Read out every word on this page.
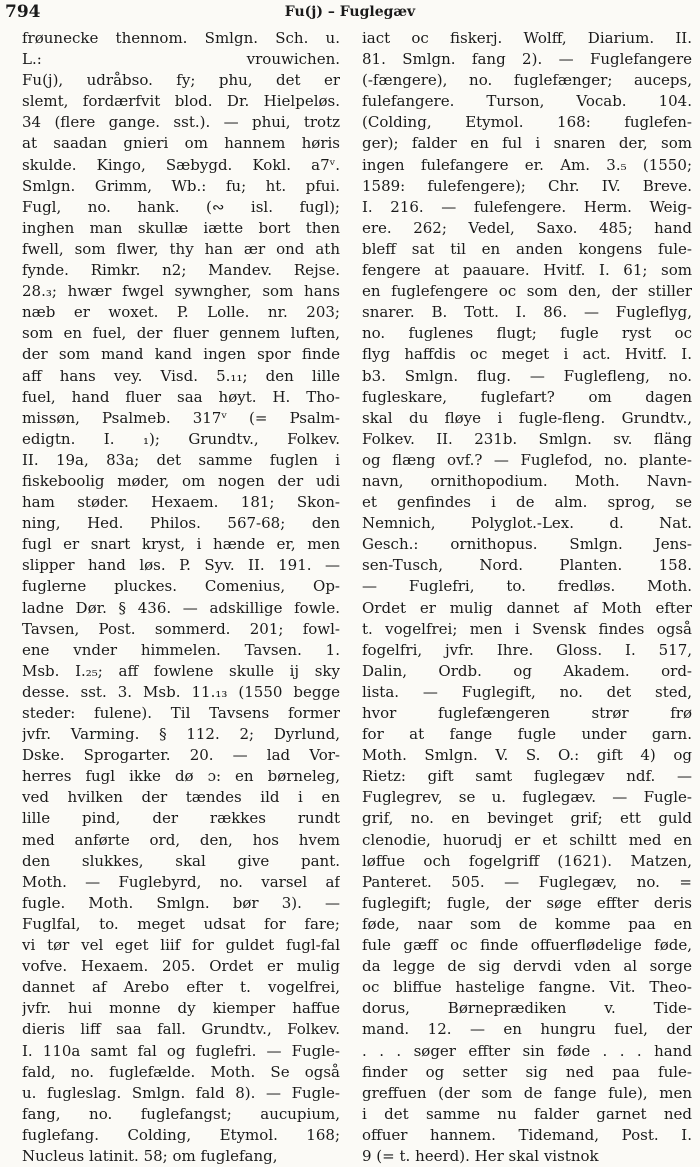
794	Fu(j) – Fuglegæv
frøunecke thennom. Smlgn. Sch. u.
L.: vrouwichen.
Fu(j), udråbso. fy; phu, det er
slemt, fordærfvit blod. Dr. Hielpeløs.
34 (flere gange. sst.). — phui, trotz
at saadan gnieri om hannem høris
skulde. Kingo, Sæbygd. Kokl. a7ᵛ.
Smlgn. Grimm, Wb.: fu; ht. pfui.
Fugl, no. hank. (∾ isl. fugl);
inghen man skullæ iætte bort then
fwell, som flwer, thy han ær ond ath
fynde. Rimkr. n2; Mandev. Rejse.
28.₃; hwær fwgel sywngher, som hans
næb er woxet. P. Lolle. nr. 203;
som en fuel, der fluer gennem luften,
der som mand kand ingen spor finde
aff hans vey. Visd. 5.₁₁; den lille
fuel, hand fluer saa høyt. H. Tho-
missøn, Psalmeb. 317ᵛ (= Psalm-
edigtn. I. ₁); Grundtv., Folkev.
II. 19a, 83a; det samme fuglen i
fiskeboolig møder, om nogen der udi
ham støder. Hexaem. 181; Skon-
ning, Hed. Philos. 567-68; den
fugl er snart kryst, i hænde er, men
slipper hand løs. P. Syv. II. 191. —
fuglerne pluckes. Comenius, Op-
ladne Dør. § 436. — adskillige fowle.
Tavsen, Post. sommerd. 201; fowl-
ene vnder himmelen. Tavsen. 1.
Msb. I.₂₅; aff fowlene skulle ij sky
desse. sst. 3. Msb. 11.₁₃ (1550 begge
steder: fulene). Til Tavsens former
jvfr. Varming. § 112. 2; Dyrlund,
Dske. Sprogarter. 20. — lad Vor-
herres fugl ikke dø ɔ: en børneleg,
ved hvilken der tændes ild i en
lille pind, der rækkes rundt
med anførte ord, den, hos hvem
den slukkes, skal give pant.
Moth. — Fuglebyrd, no. varsel af
fugle. Moth. Smlgn. bør 3). —
Fuglfal, to. meget udsat for fare;
vi tør vel eget liif for guldet fugl-fal
vofve. Hexaem. 205. Ordet er mulig
dannet af Arebo efter t. vogelfrei,
jvfr. hui monne dy kiemper haffue
dieris liff saa fall. Grundtv., Folkev.
I. 110a samt fal og fuglefri. — Fugle-
fald, no. fuglefælde. Moth. Se også
u. fugleslag. Smlgn. fald 8). — Fugle-
fang, no. fuglefangst; aucupium,
fuglefang. Colding, Etymol. 168;
Nucleus latinit. 58; om fuglefang,
iact oc fiskerj. Wolff, Diarium. II.
81. Smlgn. fang 2). — Fuglefangere
(-fængere), no. fuglefænger; auceps,
fulefangere. Turson, Vocab. 104.
(Colding, Etymol. 168: fuglefen-
ger); falder en ful i snaren der, som
ingen fulefangere er. Am. 3.₅ (1550;
1589: fulefengere); Chr. IV. Breve.
I. 216. — fulefengere. Herm. Weig-
ere. 262; Vedel, Saxo. 485; hand
bleff sat til en anden kongens fule-
fengere at paauare. Hvitf. I. 61; som
en fuglefengere oc som den, der stiller
snarer. B. Tott. I. 86. — Fugleflyg,
no. fuglenes flugt; fugle ryst oc
flyg haffdis oc meget i act. Hvitf. I.
b3. Smlgn. flug. — Fuglefleng, no.
fugleskare, fuglefart? om dagen
skal du fløye i fugle-fleng. Grundtv.,
Folkev. II. 231b. Smlgn. sv. fläng
og flæng ovf.? — Fuglefod, no. plante-
navn, ornithopodium. Moth. Navn-
et genfindes i de alm. sprog, se
Nemnich, Polyglot.-Lex. d. Nat.
Gesch.: ornithopus. Smlgn. Jens-
sen-Tusch, Nord. Planten. 158.
— Fuglefri, to. fredløs. Moth.
Ordet er mulig dannet af Moth efter
t. vogelfrei; men i Svensk findes også
fogelfri, jvfr. Ihre. Gloss. I. 517,
Dalin, Ordb. og Akadem. ord-
lista. — Fuglegift, no. det sted,
hvor fuglefængeren strør frø
for at fange fugle under garn.
Moth. Smlgn. V. S. O.: gift 4) og
Rietz: gift samt fuglegæv ndf. —
Fuglegrev, se u. fuglegæv. — Fugle-
grif, no. en bevinget grif; ett guld
clenodie, huorudj er et schiltt med en
løffue och fogelgriff (1621). Matzen,
Panteret. 505. — Fuglegæv, no. =
fuglegift; fugle, der søge effter deris
føde, naar som de komme paa en
fule gæff oc finde offuerflødelige føde,
da legge de sig dervdi vden al sorge
oc bliffue hastelige fangne. Vit. Theo-
dorus, Børneprædiken v. Tide-
mand. 12. — en hungru fuel, der
. . . søger effter sin føde . . . hand
finder og setter sig ned paa fule-
greffuen (der som de fange fule), men
i det samme nu falder garnet ned
offuer hannem. Tidemand, Post. I.
9 (= t. heerd). Her skal vistnok
